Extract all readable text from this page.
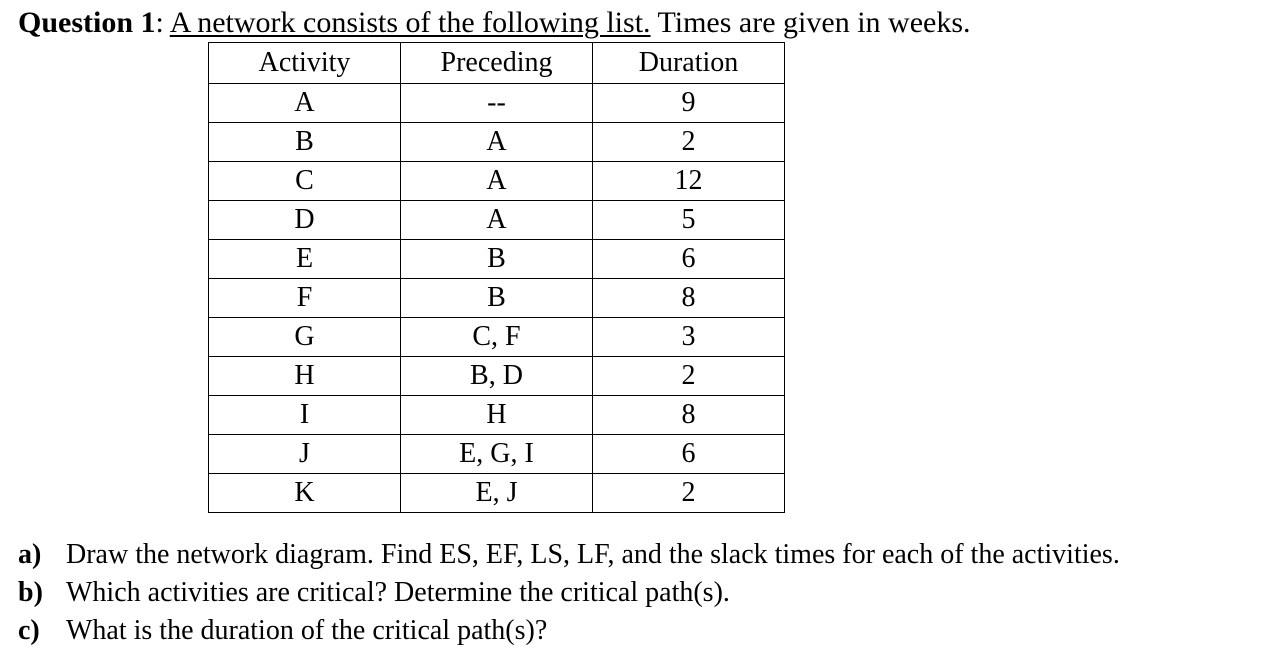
Question 1: A network consists of the following list. Times are given in weeks.
Activity	Preceding	Duration
A	--	9
B	A	2
C	A	12
D	A	5
E	B	6
F	B	8
G	C, F	3
H	B, D	2
I	H	8
J	E, G, I	6
K	E, J	2
a) Draw the network diagram. Find ES, EF, LS, LF, and the slack times for each of the activities.
b) Which activities are critical? Determine the critical path(s).
c) What is the duration of the critical path(s)?
